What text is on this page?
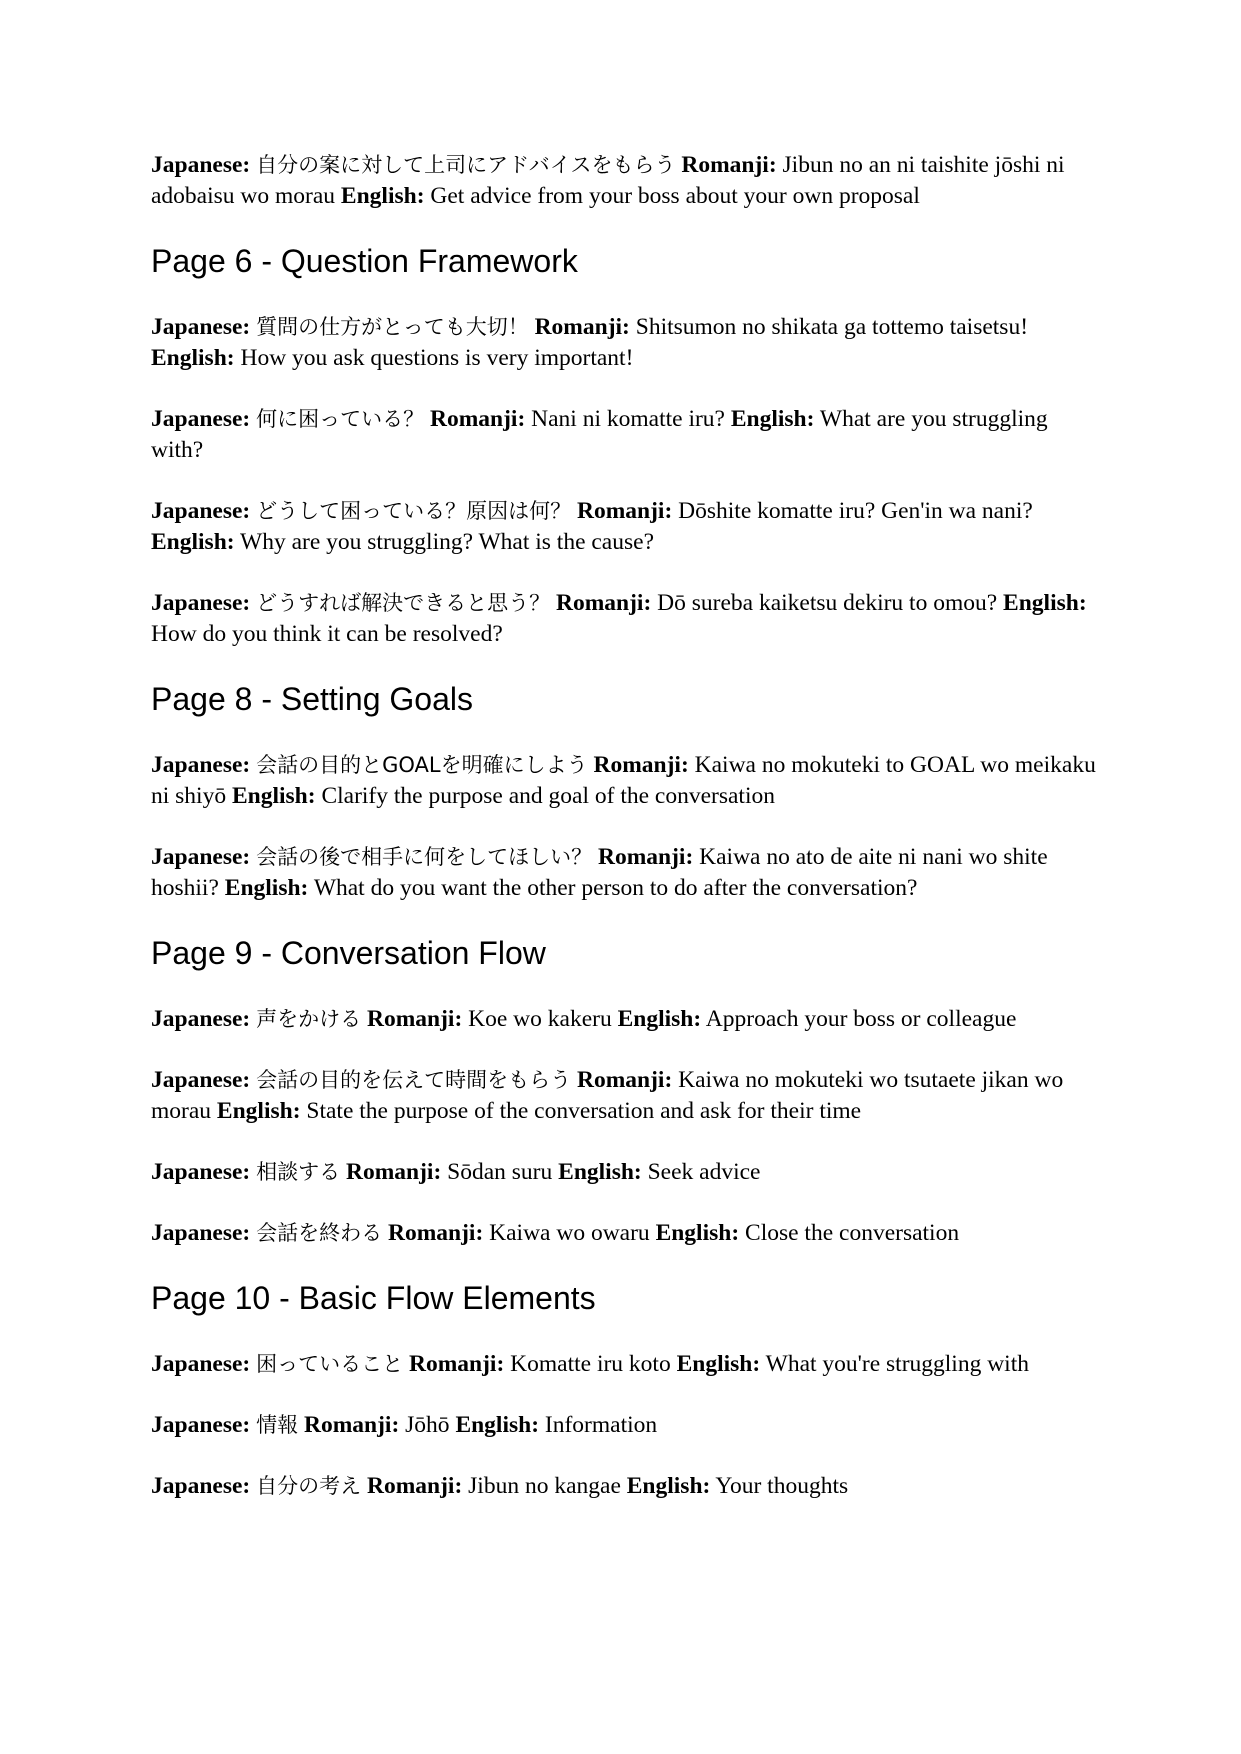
Japanese: 自分の案に対して上司にアドバイスをもらう Romanji: Jibun no an ni taishite jōshi ni adobaisu wo morau English: Get advice from your boss about your own proposal

Page 6 - Question Framework

Japanese: 質問の仕方がとっても大切！ Romanji: Shitsumon no shikata ga tottemo taisetsu! English: How you ask questions is very important!

Japanese: 何に困っている？ Romanji: Nani ni komatte iru? English: What are you struggling with?

Japanese: どうして困っている？原因は何？ Romanji: Dōshite komatte iru? Gen'in wa nani? English: Why are you struggling? What is the cause?

Japanese: どうすれば解決できると思う？ Romanji: Dō sureba kaiketsu dekiru to omou? English: How do you think it can be resolved?

Page 8 - Setting Goals

Japanese: 会話の目的とGOALを明確にしよう Romanji: Kaiwa no mokuteki to GOAL wo meikaku ni shiyō English: Clarify the purpose and goal of the conversation

Japanese: 会話の後で相手に何をしてほしい？ Romanji: Kaiwa no ato de aite ni nani wo shite hoshii? English: What do you want the other person to do after the conversation?

Page 9 - Conversation Flow

Japanese: 声をかける Romanji: Koe wo kakeru English: Approach your boss or colleague

Japanese: 会話の目的を伝えて時間をもらう Romanji: Kaiwa no mokuteki wo tsutaete jikan wo morau English: State the purpose of the conversation and ask for their time

Japanese: 相談する Romanji: Sōdan suru English: Seek advice

Japanese: 会話を終わる Romanji: Kaiwa wo owaru English: Close the conversation

Page 10 - Basic Flow Elements

Japanese: 困っていること Romanji: Komatte iru koto English: What you're struggling with

Japanese: 情報 Romanji: Jōhō English: Information

Japanese: 自分の考え Romanji: Jibun no kangae English: Your thoughts
